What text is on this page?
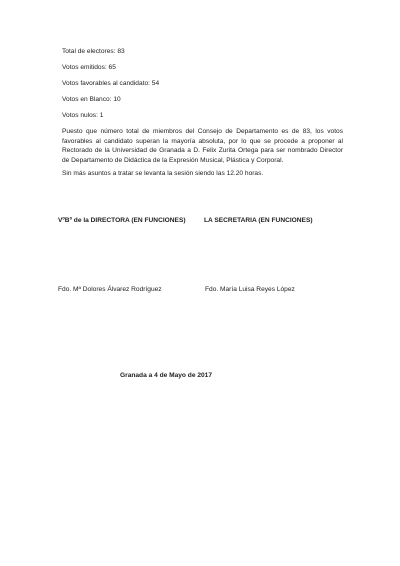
Total de electores: 83
Votos emitidos: 65
Votos favorables al candidato: 54
Votos en Blanco: 10
Votos nulos: 1
Puesto que número total de miembros del Consejo de Departamento es de 83, los votos
favorables al candidato superan la mayoría absoluta, por lo que se procede a proponer al
Rectorado de la Universidad de Granada a D. Felix Zurita Ortega para ser nombrado Director
de Departamento de Didáctica de la Expresión Musical, Plástica y Corporal.
Sin más asuntos a tratar se levanta la sesión siendo las 12.20 horas.
VºBº de la DIRECTORA (EN FUNCIONES)	LA SECRETARIA (EN FUNCIONES)
Fdo. Mª Dolores Álvarez Rodríguez	Fdo. María Luisa Reyes López
Granada a 4 de Mayo de 2017
